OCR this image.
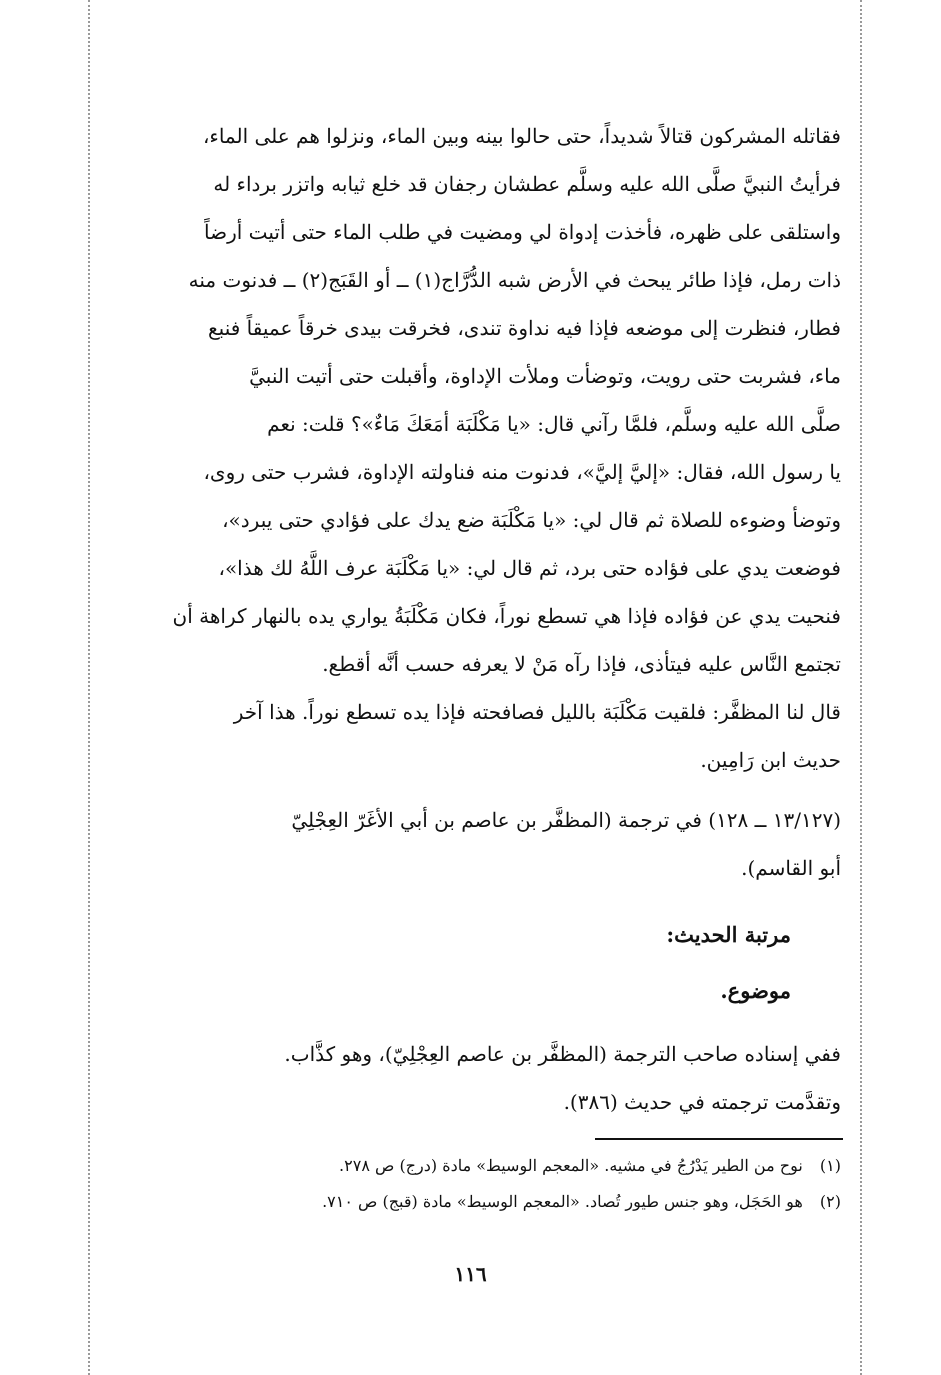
فقاتله المشركون قتالاً شديداً، حتى حالوا بينه وبين الماء، ونزلوا هم على الماء،
فرأيتُ النبيَّ صلَّى الله عليه وسلَّم عطشان رجفان قد خلع ثيابه واتزر برداء له
واستلقى على ظهره، فأخذت إدواة لي ومضيت في طلب الماء حتى أتيت أرضاً
ذات رمل، فإذا طائر يبحث في الأرض شبه الدُّرَّاج(١) ــ أو القَبَج(٢) ــ فدنوت منه
فطار، فنظرت إلى موضعه فإذا فيه نداوة تندى، فخرقت بيدى خرقاً عميقاً فنبع
ماء، فشربت حتى رويت، وتوضأت وملأت الإداوة، وأقبلت حتى أتيت النبيَّ
صلَّى الله عليه وسلَّم، فلمَّا رآني قال: «يا مَكْلَبَة أمَعَكَ مَاءٌ»؟ قلت: نعم
يا رسول الله، فقال: «إليَّ إليَّ»، فدنوت منه فناولته الإداوة، فشرب حتى روى،
وتوضأ وضوءه للصلاة ثم قال لي: «يا مَكْلَبَة ضع يدك على فؤادي حتى يبرد»،
فوضعت يدي على فؤاده حتى برد، ثم قال لي: «يا مَكْلَبَة عرف اللَّهُ لك هذا»،
فنحيت يدي عن فؤاده فإذا هي تسطع نوراً، فكان مَكْلَبَةُ يواري يده بالنهار كراهة أن
تجتمع النَّاس عليه فيتأذى، فإذا رآه مَنْ لا يعرفه حسب أنَّه أقطع.
قال لنا المظفَّر: فلقيت مَكْلَبَة بالليل فصافحته فإذا يده تسطع نوراً. هذا آخر
حديث ابن رَامِين.
(١٣/١٢٧ ــ ١٢٨) في ترجمة (المظفَّر بن عاصم بن أبي الأغَرّ العِجْلِيّ
أبو القاسم).
مرتبة الحديث:
موضوع.
ففي إسناده صاحب الترجمة (المظفَّر بن عاصم العِجْلِيّ)، وهو كذَّاب.
وتقدَّمت ترجمته في حديث (٣٨٦).
(١) نوح من الطير يَدْرُجُ في مشيه. «المعجم الوسيط» مادة (درج) ص ٢٧٨.
(٢) هو الحَجَل، وهو جنس طيور تُصاد. «المعجم الوسيط» مادة (قبج) ص ٧١٠.
١١٦
